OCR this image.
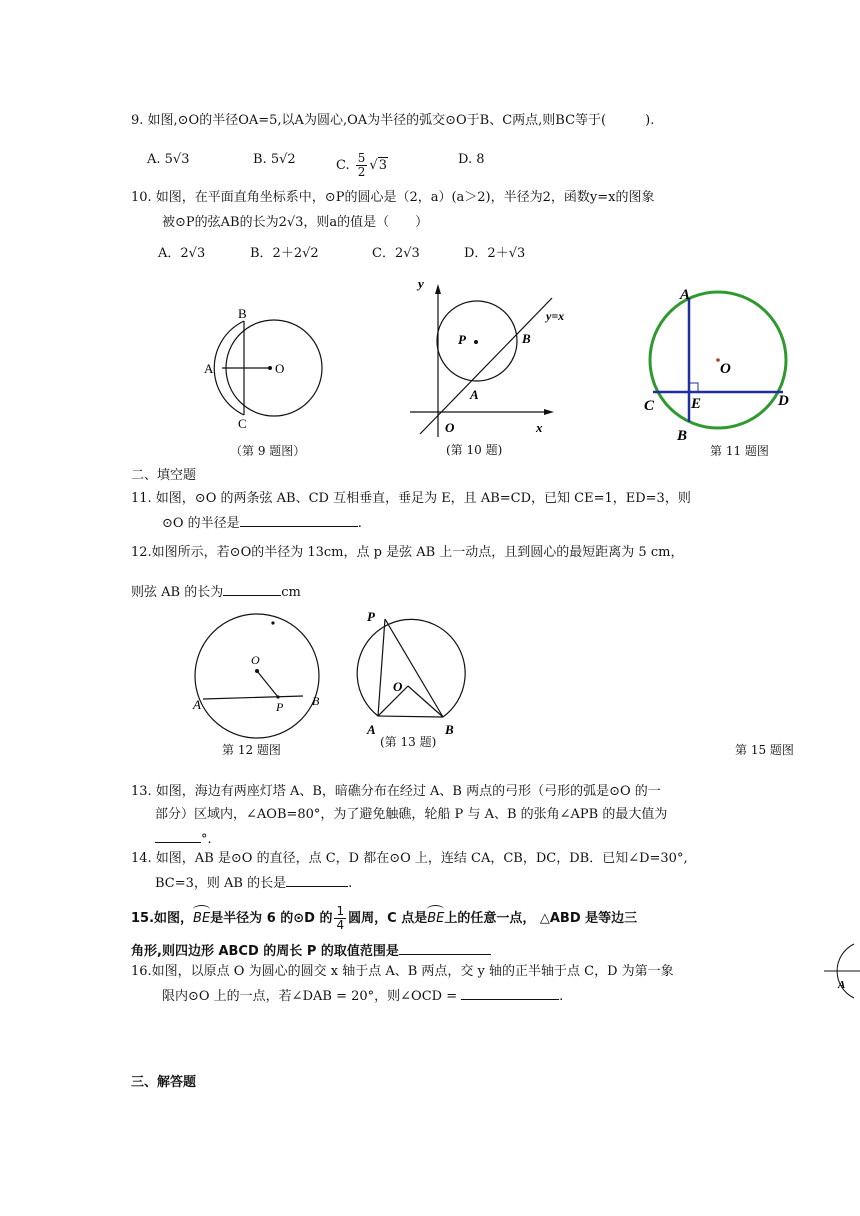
9. 如图,⊙O的半径OA=5,以A为圆心,OA为半径的弧交⊙O于B、C两点,则BC等于(　　　).
A. 5√3	B. 5√2	C. $\frac{5}{2} √3$	D. 8
10. 如图，在平面直角坐标系中，⊙P的圆心是（2，a）(a＞2)，半径为2，函数y=x的图象
被⊙P的弦AB的长为2√3，则a的值是（　　）
A．2√3	B．2＋2√2	C．2√3	D．2＋√3
B
A
C
O
（第 9 题图）
y
x
O
P	B
A
y=x
(第 10 题)
A
B
C	D
E
O
第 11 题图
二、填空题
11. 如图，⊙O 的两条弦 AB、CD 互相垂直，垂足为 E，且 AB=CD，已知 CE=1，ED=3，则
⊙O 的半径是	.
12.如图所示，若⊙O的半径为 13cm，点 p 是弦 AB 上一动点，且到圆心的最短距离为 5 cm，
则弦 AB 的长为	cm
O
A	B
P
第 12 题图
P
O
A	B
(第 13 题)
第 15 题图
13. 如图，海边有两座灯塔 A、B，暗礁分布在经过 A、B 两点的弓形（弓形的弧是⊙O 的一
部分）区域内，∠AOB=80°，为了避免触礁，轮船 P 与 A、B 的张角∠APB 的最大值为
°.
14. 如图，AB 是⊙O 的直径，点 C，D 都在⊙O 上，连结 CA，CB，DC，DB．已知∠D=30°,
BC=3，则 AB 的长是	.
15.如图，BE是半径为 6 的⊙D 的 $\frac{1}{4}$ 圆周，C 点是BE上的任意一点， △ABD 是等边三
角形,则四边形 ABCD 的周长 P 的取值范围是
16.如图，以原点 O 为圆心的圆交 x 轴于点 A、B 两点，交 y 轴的正半轴于点 C，D 为第一象
限内⊙O 上的一点，若∠DAB = 20°，则∠OCD =	.
A
三、解答题
